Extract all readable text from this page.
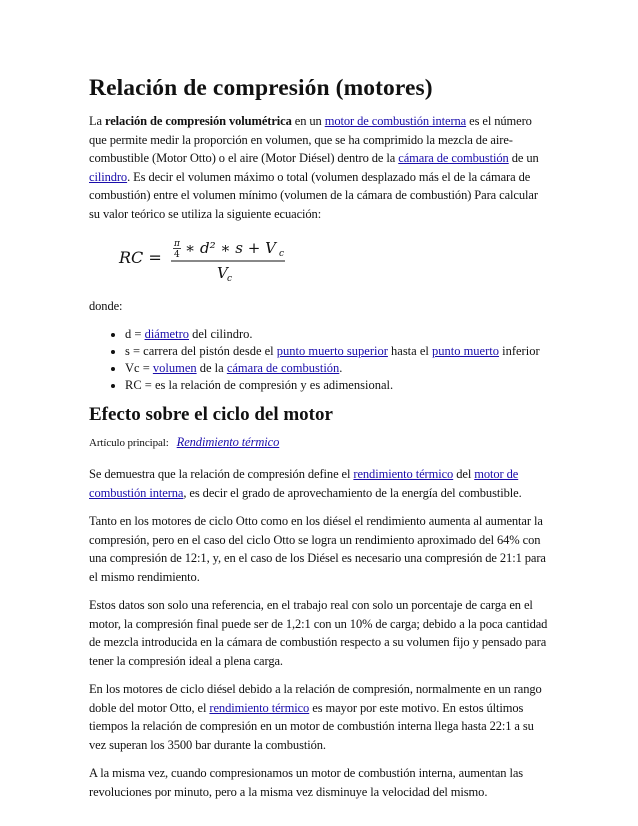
Relación de compresión (motores)

La relación de compresión volumétrica en un motor de combustión interna es el número que permite medir la proporción en volumen, que se ha comprimido la mezcla de aire-combustible (Motor Otto) o el aire (Motor Diésel) dentro de la cámara de combustión de un cilindro. Es decir el volumen máximo o total (volumen desplazado más el de la cámara de combustión) entre el volumen mínimo (volumen de la cámara de combustión) Para calcular su valor teórico se utiliza la siguiente ecuación:

RC =
π
4 ∗ d² ∗ s + V c
V c

donde:

• d = diámetro del cilindro.
• s = carrera del pistón desde el punto muerto superior hasta el punto muerto inferior
• Vc = volumen de la cámara de combustión.
• RC = es la relación de compresión y es adimensional.
Efecto sobre el ciclo del motor

Artículo principal: Rendimiento térmico

Se demuestra que la relación de compresión define el rendimiento térmico del motor de combustión interna, es decir el grado de aprovechamiento de la energía del combustible.

Tanto en los motores de ciclo Otto como en los diésel el rendimiento aumenta al aumentar la compresión, pero en el caso del ciclo Otto se logra un rendimiento aproximado del 64% con una compresión de 12:1, y, en el caso de los Diésel es necesario una compresión de 21:1 para el mismo rendimiento.

Estos datos son solo una referencia, en el trabajo real con solo un porcentaje de carga en el motor, la compresión final puede ser de 1,2:1 con un 10% de carga; debido a la poca cantidad de mezcla introducida en la cámara de combustión respecto a su volumen fijo y pensado para tener la compresión ideal a plena carga.

En los motores de ciclo diésel debido a la relación de compresión, normalmente en un rango doble del motor Otto, el rendimiento térmico es mayor por este motivo. En estos últimos tiempos la relación de compresión en un motor de combustión interna llega hasta 22:1 a su vez superan los 3500 bar durante la combustión.

A la misma vez, cuando compresionamos un motor de combustión interna, aumentan las revoluciones por minuto, pero a la misma vez disminuye la velocidad del mismo.
